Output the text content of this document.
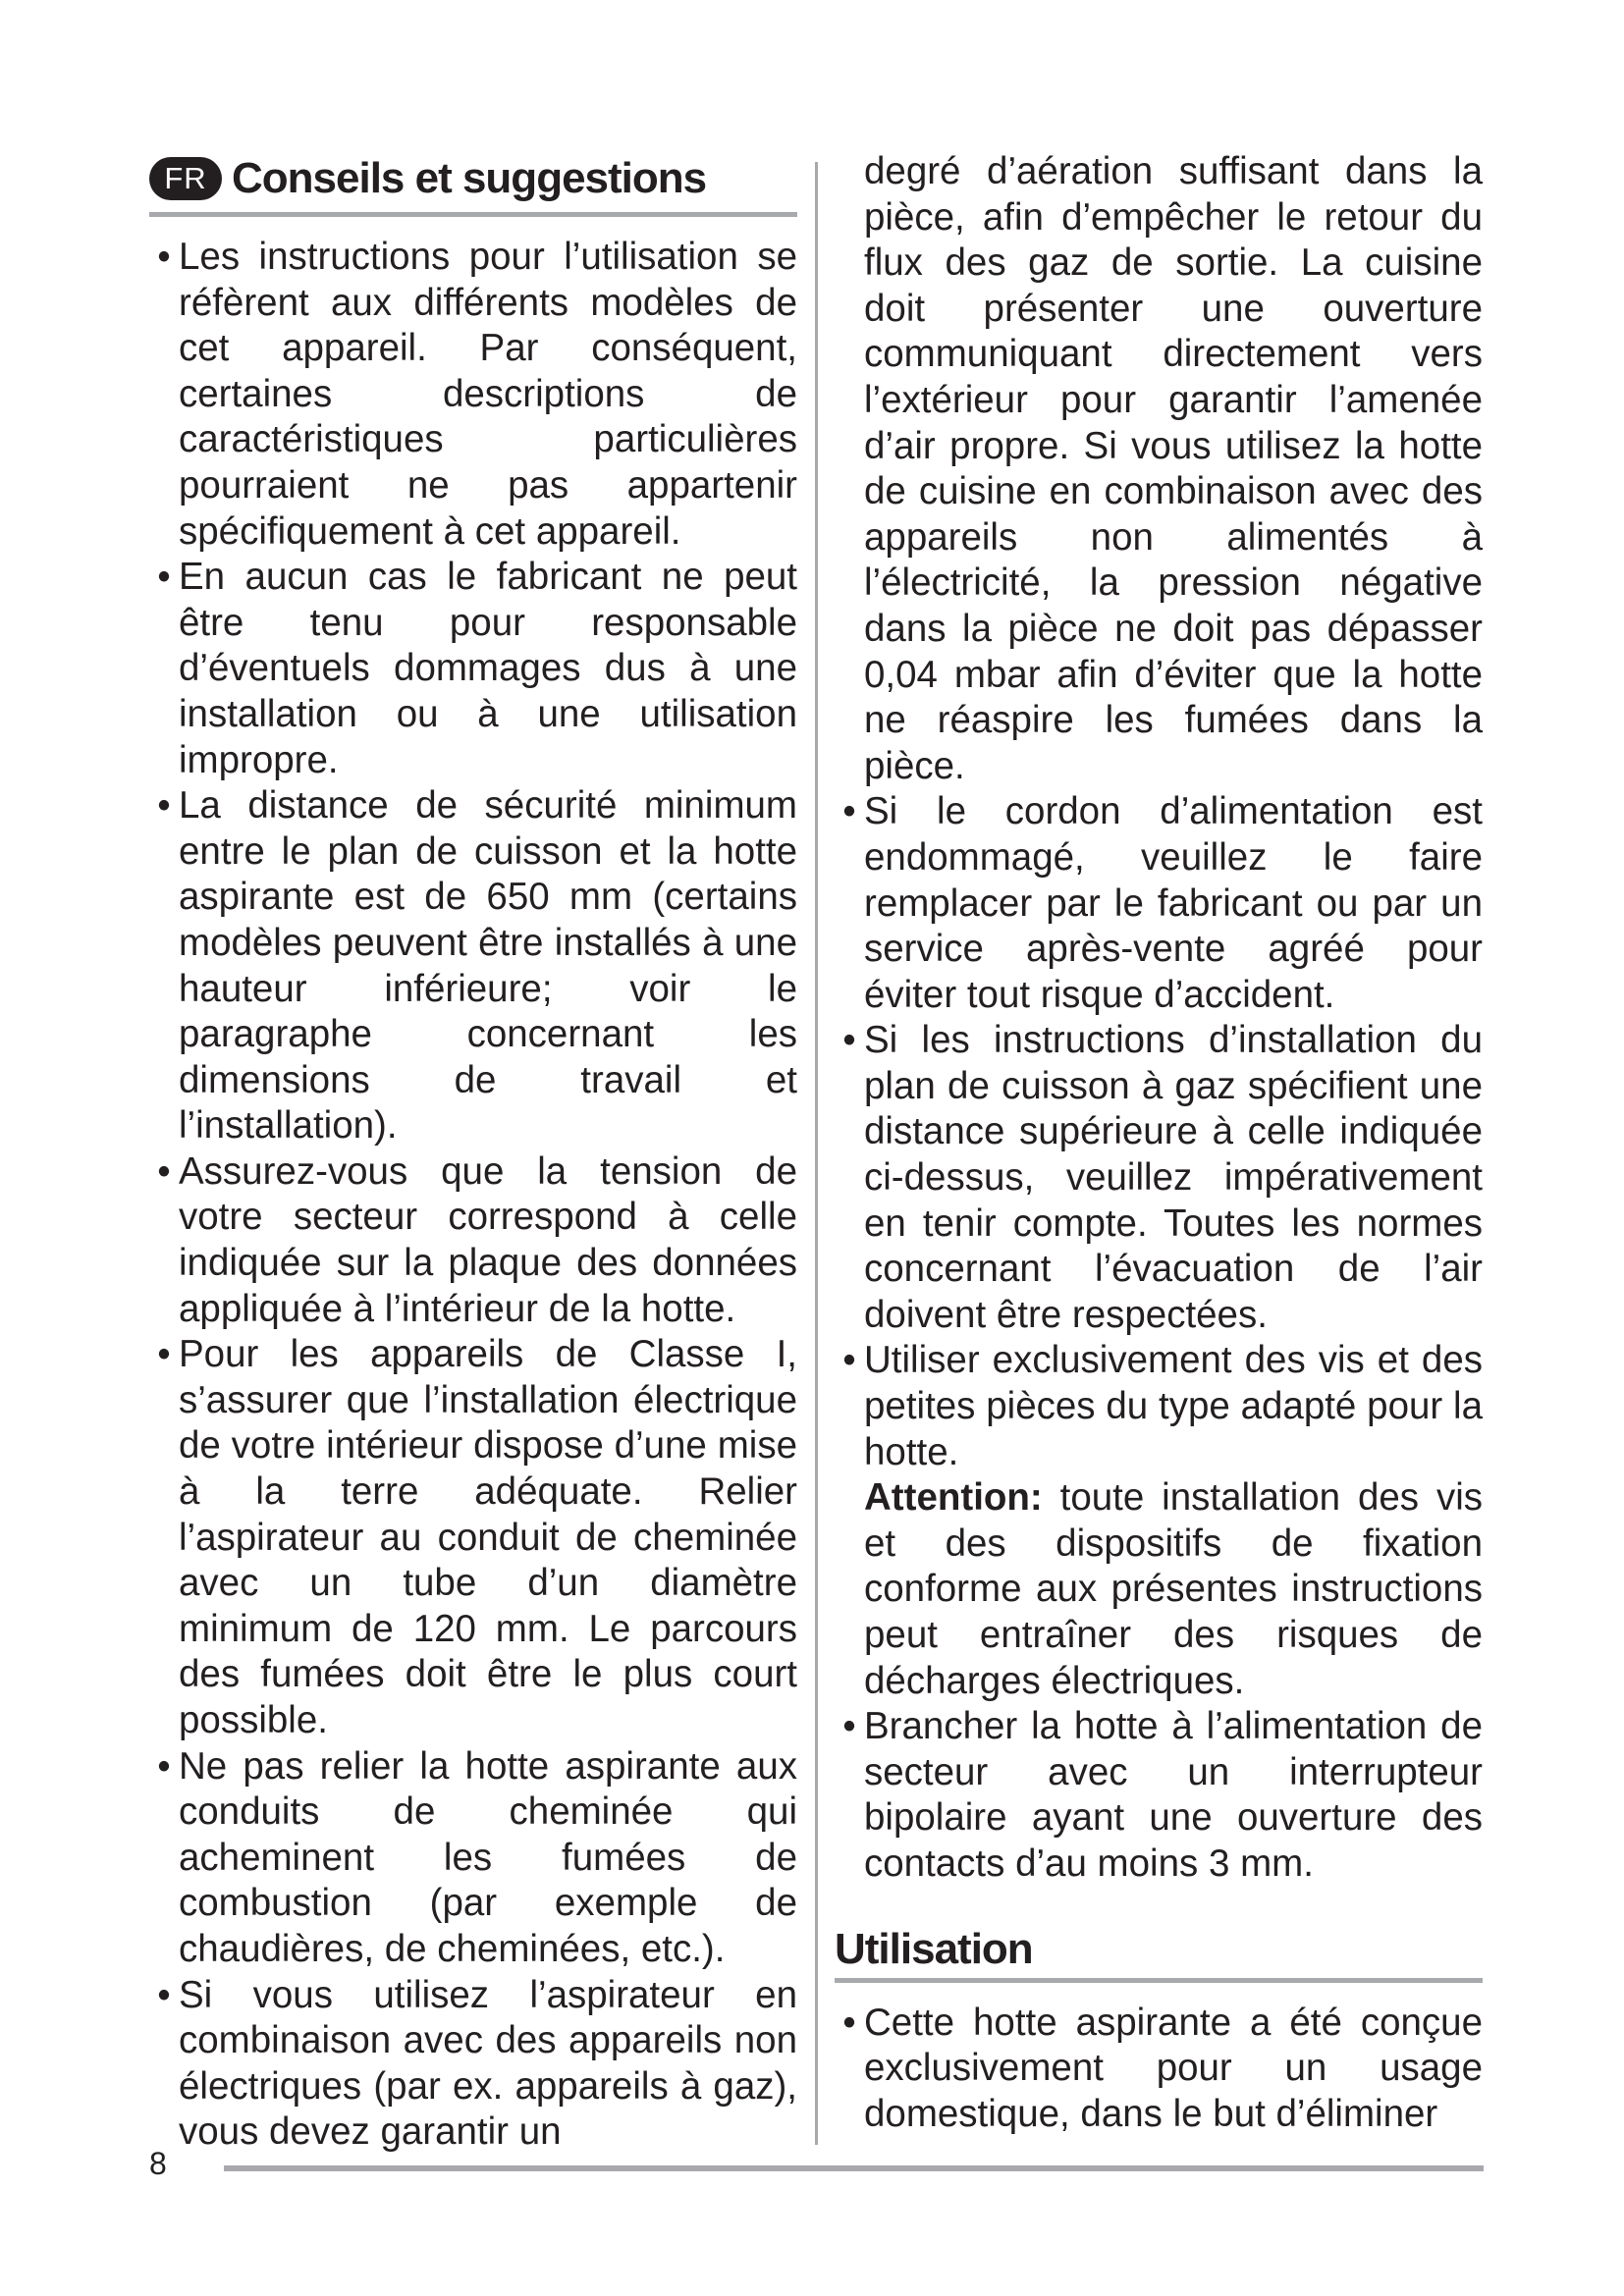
FR Conseils et suggestions
• Les instructions pour l’utilisation se réfèrent aux différents modèles de cet appareil. Par conséquent, certaines descriptions de caractéristiques particulières pourraient ne pas appartenir spécifiquement à cet appareil.
• En aucun cas le fabricant ne peut être tenu pour responsable d’éventuels dommages dus à une installation ou à une utilisation impropre.
• La distance de sécurité minimum entre le plan de cuisson et la hotte aspirante est de 650 mm (certains modèles peuvent être installés à une hauteur inférieure; voir le paragraphe concernant les dimensions de travail et l’installation).
• Assurez-vous que la tension de votre secteur correspond à celle indiquée sur la plaque des données appliquée à l’intérieur de la hotte.
• Pour les appareils de Classe I, s’assurer que l’installation électrique de votre intérieur dispose d’une mise à la terre adéquate. Relier l’aspirateur au conduit de cheminée avec un tube d’un diamètre minimum de 120 mm. Le parcours des fumées doit être le plus court possible.
• Ne pas relier la hotte aspirante aux conduits de cheminée qui acheminent les fumées de combustion (par exemple de chaudières, de cheminées, etc.).
• Si vous utilisez l’aspirateur en combinaison avec des appareils non électriques (par ex. appareils à gaz), vous devez garantir un
degré d’aération suffisant dans la pièce, afin d’empêcher le retour du flux des gaz de sortie. La cuisine doit présenter une ouverture communiquant directement vers l’extérieur pour garantir l’amenée d’air propre. Si vous utilisez la hotte de cuisine en combinaison avec des appareils non alimentés à l’électricité, la pression négative dans la pièce ne doit pas dépasser 0,04 mbar afin d’éviter que la hotte ne réaspire les fumées dans la pièce.
• Si le cordon d’alimentation est endommagé, veuillez le faire remplacer par le fabricant ou par un service après-vente agréé pour éviter tout risque d’accident.
• Si les instructions d’installation du plan de cuisson à gaz spécifient une distance supérieure à celle indiquée ci-dessus, veuillez impérativement en tenir compte. Toutes les normes concernant l’évacuation de l’air doivent être respectées.
• Utiliser exclusivement des vis et des petites pièces du type adapté pour la hotte.
Attention: toute installation des vis et des dispositifs de fixation conforme aux présentes instructions peut entraîner des risques de décharges électriques.
• Brancher la hotte à l’alimentation de secteur avec un interrupteur bipolaire ayant une ouverture des contacts d’au moins 3 mm.
Utilisation
• Cette hotte aspirante a été conçue exclusivement pour un usage domestique, dans le but d’éliminer
8
